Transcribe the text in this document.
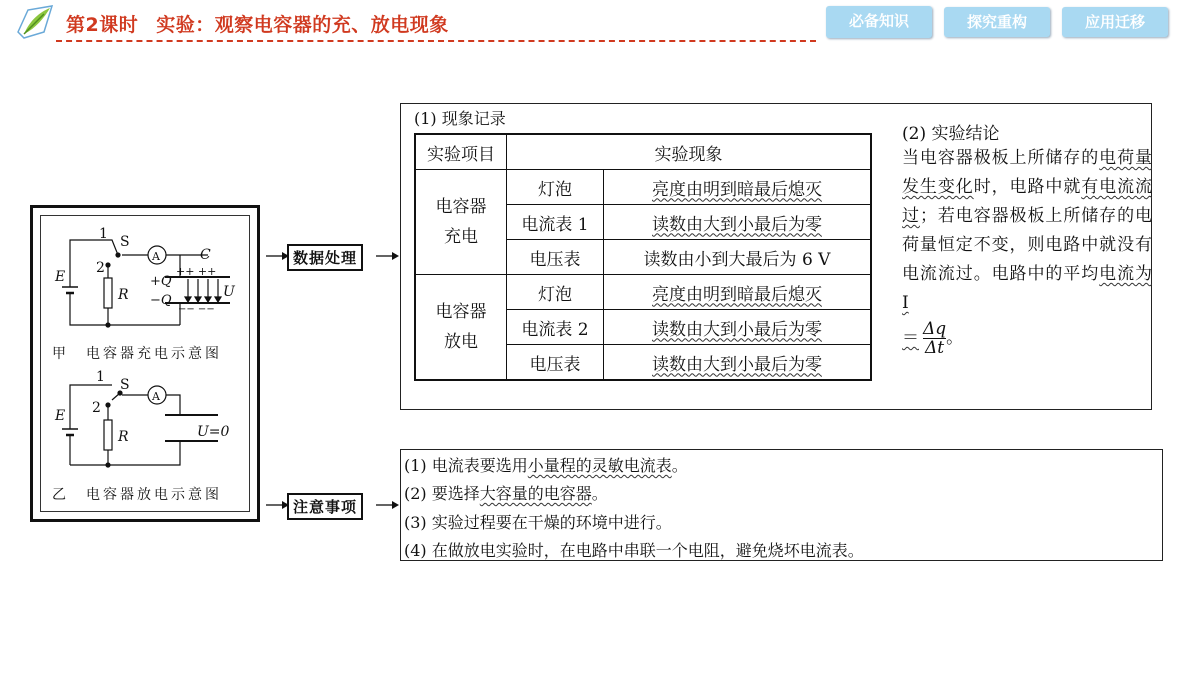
第2课时 实验：观察电容器的充、放电现象	必备知识	探究重构	应用迁移
1 S
2
A	C
E
R	U
+Q
−Q
++ ++
−− −−
1 S
2
A
E
R	U=0
甲　电容器充电示意图
乙　电容器放电示意图
数据处理
注意事项
(1) 现象记录
实验项目	实验现象	
电容器
充电	灯泡	亮度由明到暗最后熄灭
	电流表 1	读数由大到小最后为零
	电压表	读数由小到大最后为 6 V
电容器
放电	灯泡	亮度由明到暗最后熄灭
	电流表 2	读数由大到小最后为零
	电压表	读数由大到小最后为零
(2) 实验结论
当电容器极板上所储存的电荷量发生变化时，电路中就有电流流过；若电容器极板上所储存的电荷量恒定不变，则电路中就没有电流流过。电路中的平均电流为 I
＝ $\frac{\Delta q}{\Delta t}$ 。
(1) 电流表要选用小量程的灵敏电流表。
(2) 要选择大容量的电容器。
(3) 实验过程要在干燥的环境中进行。
(4) 在做放电实验时，在电路中串联一个电阻，避免烧坏电流表。
